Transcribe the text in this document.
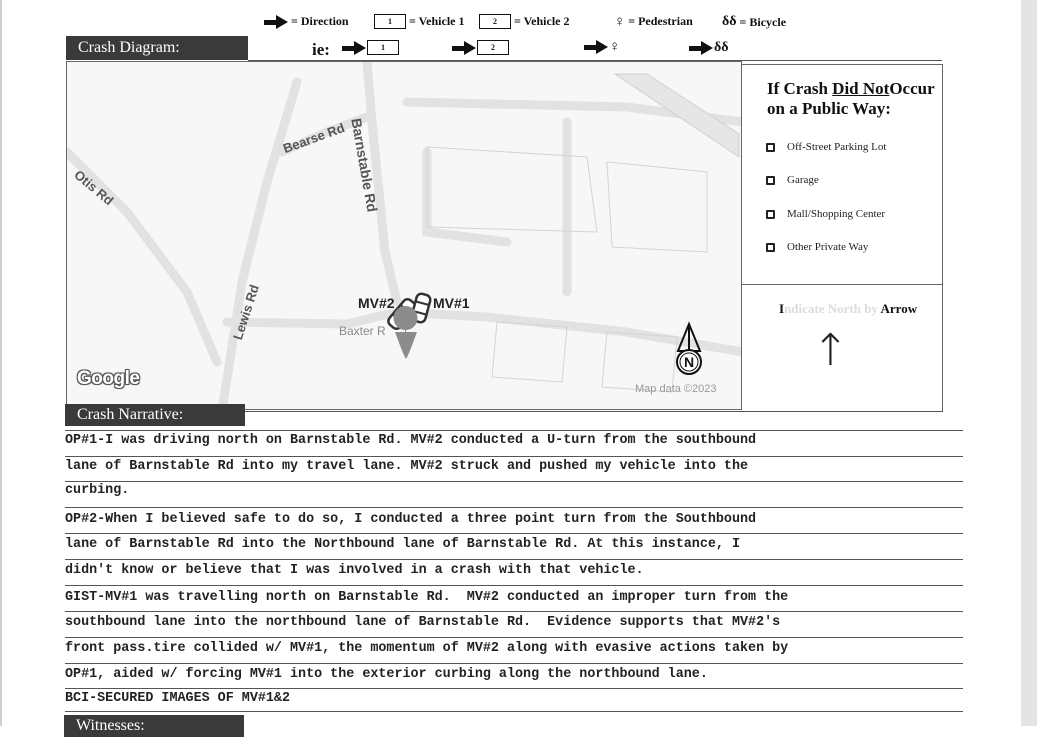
= Direction	1	= Vehicle 1	2	= Vehicle 2	♀ = Pedestrian δδ = Bicycle
Crash Diagram:	ie:	1	2	♀	δδ
Otis Rd
Bearse Rd Barnstable Rd
Lewis Rd	Baxter R
MV#2	MV#1
N
Google	Map data ©2023
If Crash Did NotOccur
on a Public Way:
Off-Street Parking Lot
Garage
Mall/Shopping Center
Other Private Way
Indicate North by Arrow
↑
Crash Narrative:
OP#1-I was driving north on Barnstable Rd. MV#2 conducted a U-turn from the southbound
lane of Barnstable Rd into my travel lane. MV#2 struck and pushed my vehicle into the
curbing.
OP#2-When I believed safe to do so, I conducted a three point turn from the Southbound
lane of Barnstable Rd into the Northbound lane of Barnstable Rd. At this instance, I
didn't know or believe that I was involved in a crash with that vehicle.
GIST-MV#1 was travelling north on Barnstable Rd.  MV#2 conducted an improper turn from the
southbound lane into the northbound lane of Barnstable Rd.  Evidence supports that MV#2's
front pass.tire collided w/ MV#1, the momentum of MV#2 along with evasive actions taken by
OP#1, aided w/ forcing MV#1 into the exterior curbing along the northbound lane.
BCI-SECURED IMAGES OF MV#1&2
Witnesses:
